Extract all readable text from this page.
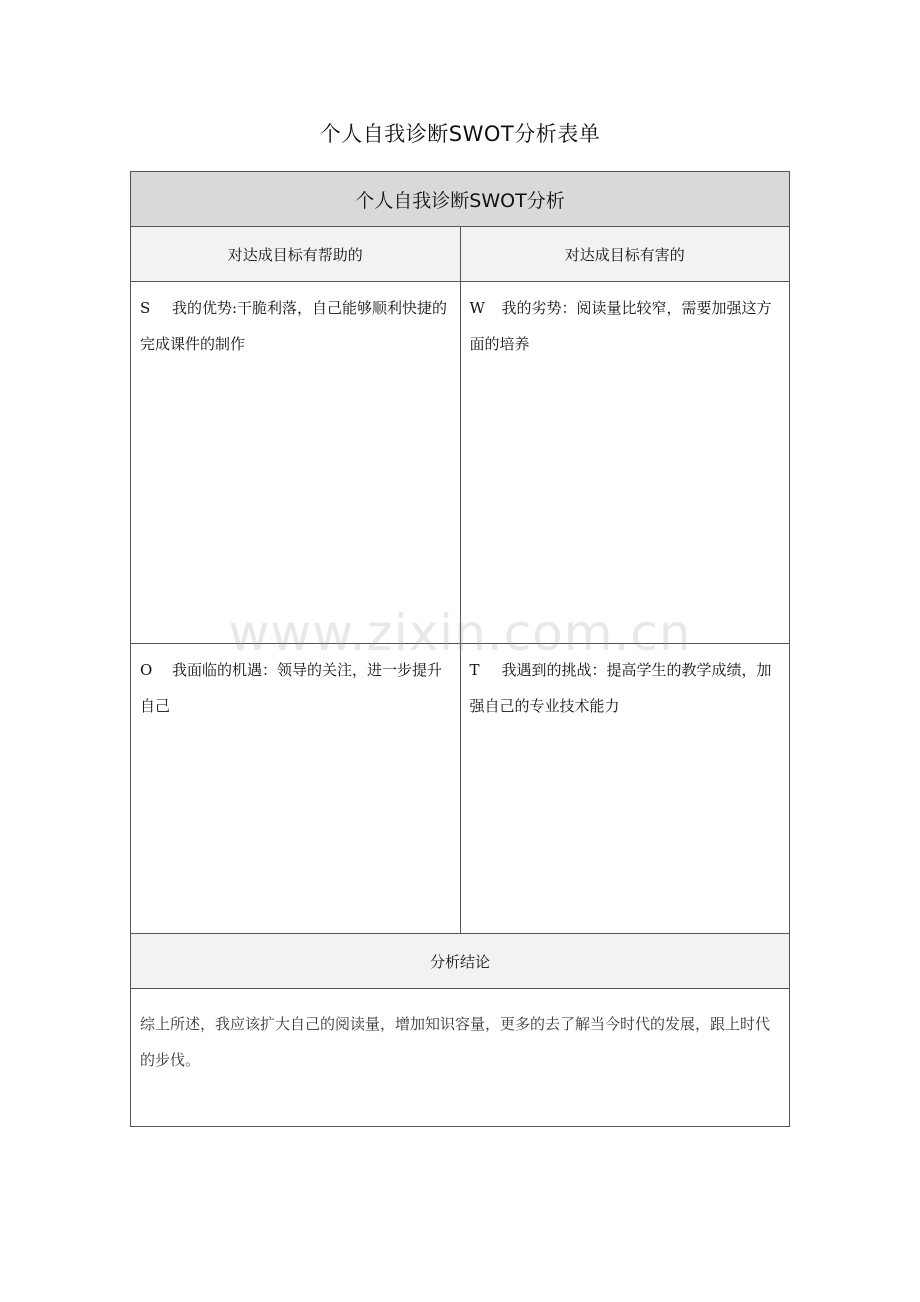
个人自我诊断SWOT分析表单
个人自我诊断SWOT分析	
对达成目标有帮助的	对达成目标有害的
S 我的优势:干脆利落，自己能够顺利快捷的完成课件的制作	W 我的劣势：阅读量比较窄，需要加强这方面的培养
O 我面临的机遇：领导的关注，进一步提升自己	T 我遇到的挑战：提高学生的教学成绩，加强自己的专业技术能力
分析结论	
综上所述，我应该扩大自己的阅读量，增加知识容量，更多的去了解当今时代的发展，跟上时代的步伐。	
www.zixin.com.cn
